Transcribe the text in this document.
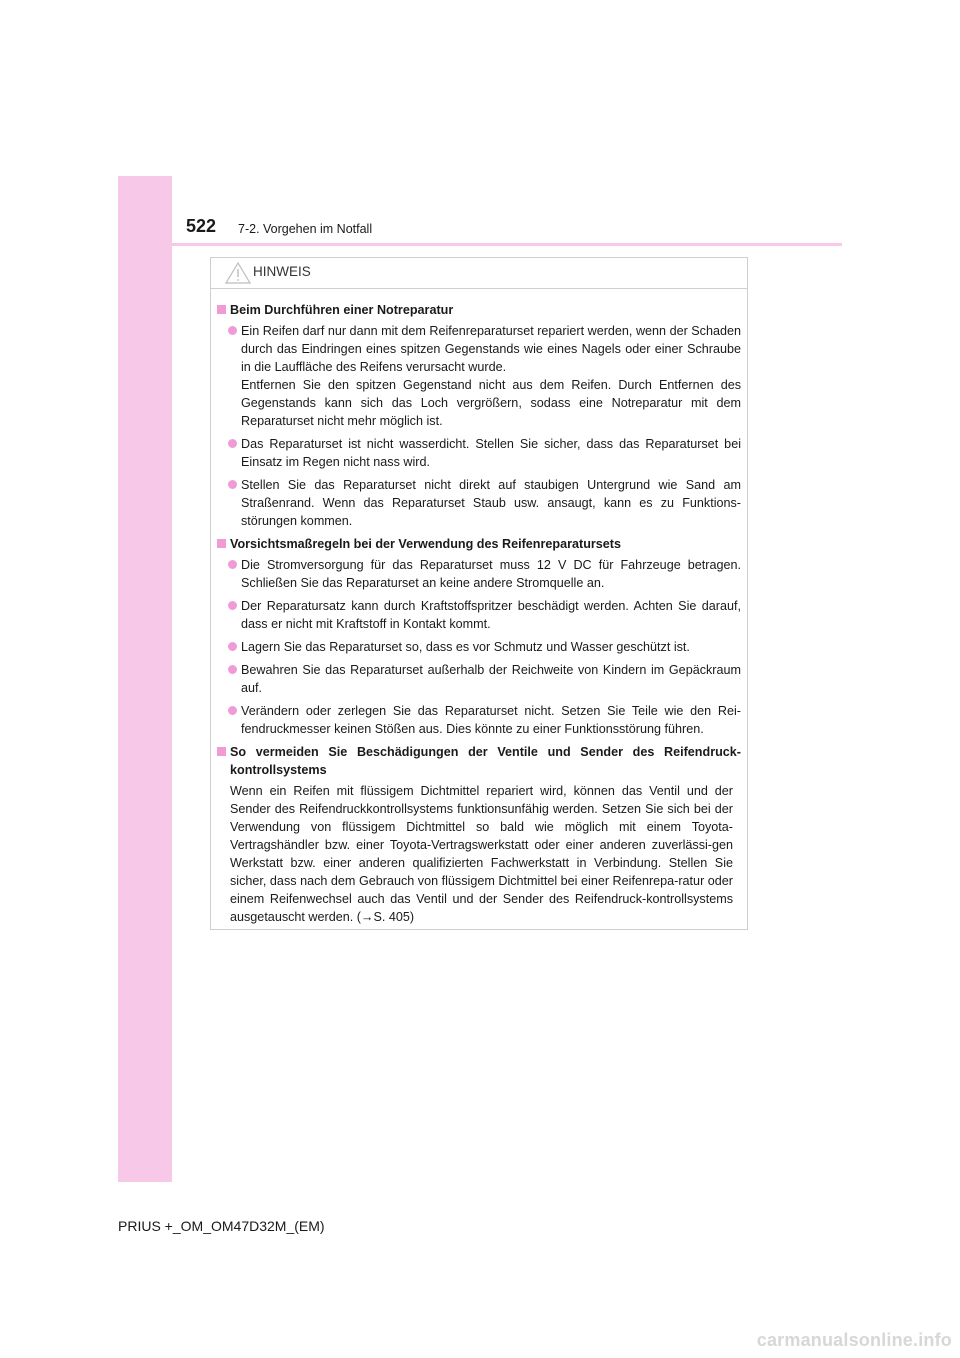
522 7-2. Vorgehen im Notfall
HINWEIS
Beim Durchführen einer Notreparatur
Ein Reifen darf nur dann mit dem Reifenreparaturset repariert werden, wenn der Schaden durch das Eindringen eines spitzen Gegenstands wie eines Nagels oder einer Schraube in die Lauffläche des Reifens verursacht wurde.
Entfernen Sie den spitzen Gegenstand nicht aus dem Reifen. Durch Entfernen des Gegenstands kann sich das Loch vergrößern, sodass eine Notreparatur mit dem Reparaturset nicht mehr möglich ist.
Das Reparaturset ist nicht wasserdicht. Stellen Sie sicher, dass das Reparaturset bei Einsatz im Regen nicht nass wird.
Stellen Sie das Reparaturset nicht direkt auf staubigen Untergrund wie Sand am Straßenrand. Wenn das Reparaturset Staub usw. ansaugt, kann es zu Funktions-störungen kommen.
Vorsichtsmaßregeln bei der Verwendung des Reifenreparatursets
Die Stromversorgung für das Reparaturset muss 12 V DC für Fahrzeuge betragen. Schließen Sie das Reparaturset an keine andere Stromquelle an.
Der Reparatursatz kann durch Kraftstoffspritzer beschädigt werden. Achten Sie darauf, dass er nicht mit Kraftstoff in Kontakt kommt.
Lagern Sie das Reparaturset so, dass es vor Schmutz und Wasser geschützt ist.
Bewahren Sie das Reparaturset außerhalb der Reichweite von Kindern im Gepäckraum auf.
Verändern oder zerlegen Sie das Reparaturset nicht. Setzen Sie Teile wie den Rei-fendruckmesser keinen Stößen aus. Dies könnte zu einer Funktionsstörung führen.
So vermeiden Sie Beschädigungen der Ventile und Sender des Reifendruck-kontrollsystems
Wenn ein Reifen mit flüssigem Dichtmittel repariert wird, können das Ventil und der Sender des Reifendruckkontrollsystems funktionsunfähig werden. Setzen Sie sich bei der Verwendung von flüssigem Dichtmittel so bald wie möglich mit einem Toyota-Vertragshändler bzw. einer Toyota-Vertragswerkstatt oder einer anderen zuverlässi-gen Werkstatt bzw. einer anderen qualifizierten Fachwerkstatt in Verbindung. Stellen Sie sicher, dass nach dem Gebrauch von flüssigem Dichtmittel bei einer Reifenrepa-ratur oder einem Reifenwechsel auch das Ventil und der Sender des Reifendruck-kontrollsystems ausgetauscht werden. (→S. 405)
PRIUS +_OM_OM47D32M_(EM)
carmanualsonline.info
